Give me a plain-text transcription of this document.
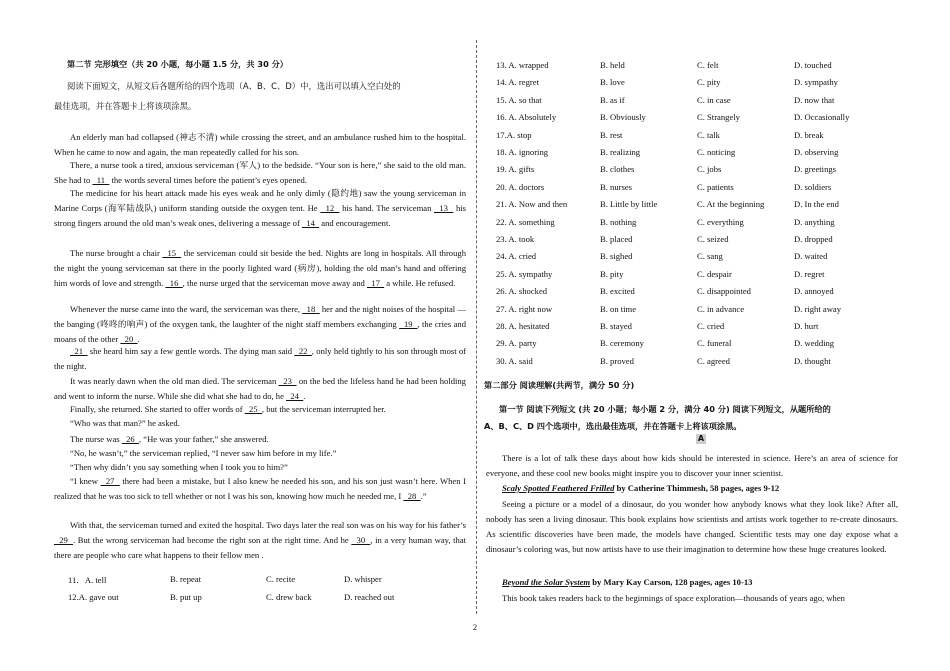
第二节 完形填空（共 20 小题，每小题 1.5 分，共 30 分）
阅读下面短文，从短文后各题所给的四个选项（A、B、C、D）中，选出可以填入空白处的
最佳选项，并在答题卡上将该项涂黑。
An elderly man had collapsed (神志不清) while crossing the street, and an ambulance rushed him to the hospital. When he came to now and again, the man repeatedly called for his son.
There, a nurse took a tired, anxious serviceman (军人) to the bedside. “Your son is here,” she said to the old man. She had to   11   the words several times before the patient’s eyes opened.
The medicine for his heart attack made his eyes weak and he only dimly (隐约地) saw the young serviceman in Marine Corps (海军陆战队) uniform standing outside the oxygen tent. He   12   his hand. The serviceman   13   his strong fingers around the old man’s weak ones, delivering a message of   14   and encouragement.
The nurse brought a chair   15   the serviceman could sit beside the bed. Nights are long in hospitals. All through the night the young serviceman sat there in the poorly lighted ward (病房), holding the old man’s hand and offering him words of love and strength.   16  , the nurse urged that the serviceman move away and   17   a while. He refused.
Whenever the nurse came into the ward, the serviceman was there,   18   her and the night noises of the hospital — the banging (咚咚的响声) of the oxygen tank, the laughter of the night staff members exchanging   19  , the cries and moans of the other   20  .
21   she heard him say a few gentle words. The dying man said   22  , only held tightly to his son through most of the night.
It was nearly dawn when the old man died. The serviceman   23   on the bed the lifeless hand he had been holding and went to inform the nurse. While she did what she had to do, he   24  .
Finally, she returned. She started to offer words of   25  , but the serviceman interrupted her.
“Who was that man?” he asked.
The nurse was   26  , “He was your father,” she answered.
“No, he wasn’t,” the serviceman replied, “I never saw him before in my life.”
“Then why didn’t you say something when I took you to him?”
“I knew   27   there had been a mistake, but I also knew he needed his son, and his son just wasn’t here. When I realized that he was too sick to tell whether or not I was his son, knowing how much he needed me, I   28  .”
With that, the serviceman turned and exited the hospital. Two days later the real son was on his way for his father’s   29  . But the wrong serviceman had become the right son at the right time. And he   30  , in a very human way, that there are people who care what happens to their fellow men .
11．A. tell	B. repeat	C. recite	D. whisper
12.A. gave out	B. put up	C. drew back	D. reached out
13. A. wrapped	B. held	C. felt	D. touched
14. A. regret	B. love	C. pity	D. sympathy
15. A. so that	B. as if	C. in case	D. now that
16. A. Absolutely	B. Obviously	C. Strangely	D. Occasionally
17.A. stop	B. rest	C. talk	D. break
18. A. ignoring	B. realizing	C. noticing	D. observing
19. A. gifts	B. clothes	C. jobs	D. greetings
20. A. doctors	B. nurses	C. patients	D. soldiers
21. A. Now and then	B. Little by little	C. At the beginning	D. In the end
22. A. something	B. nothing	C. everything	D. anything
23. A. took	B. placed	C. seized	D. dropped
24. A. cried	B. sighed	C. sang	D. waited
25. A. sympathy	B. pity	C. despair	D. regret
26. A. shocked	B. excited	C. disappointed	D. annoyed
27. A. right now	B. on time	C. in advance	D. right away
28. A. hesitated	B. stayed	C. cried	D. hurt
29. A. party	B. ceremony	C. funeral	D. wedding
30. A. said	B. proved	C. agreed	D. thought
第二部分 阅读理解(共两节，满分 50 分)
第一节 阅读下列短文 (共 20 小题；每小题 2 分，满分 40 分) 阅读下列短文，从题所给的
A、B、C、D 四个选项中，选出最佳选项，并在答题卡上将该项涂黑。
There is a lot of talk these days about how kids should be interested in science. Here’s an area of science for everyone, and these cool new books might inspire you to discover your inner scientist.
Scaly Spotted Feathered Frilled by Catherine Thimmesh, 58 pages, ages 9-12
Seeing a picture or a model of a dinosaur, do you wonder how anybody knows what they look like? After all, nobody has seen a living dinosaur. This book explains how scientists and artists work together to re-create dinosaurs. As scientific discoveries have been made, the models have changed. Scientific tests may one day expose what a dinosaur’s coloring was, but now artists have to use their imagination to determine how these huge creatures looked.
Beyond the Solar System by Mary Kay Carson, 128 pages, ages 10-13
This book takes readers back to the beginnings of space exploration—thousands of years ago, when
A
2
